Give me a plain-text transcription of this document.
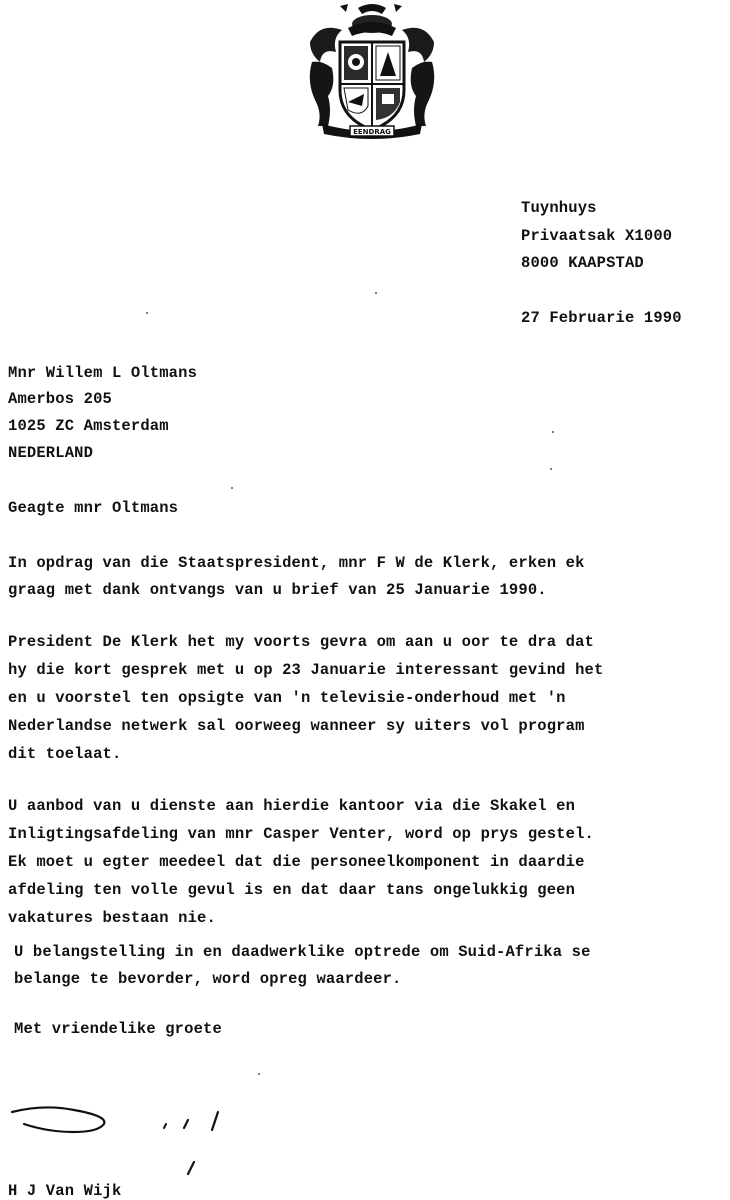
EENDRAG
Tuynhuys
Privaatsak X1000
8000 KAAPSTAD
27 Februarie 1990
Mnr Willem L Oltmans
Amerbos 205
1025 ZC Amsterdam
NEDERLAND
Geagte mnr Oltmans
In opdrag van die Staatspresident, mnr F W de Klerk, erken ek
graag met dank ontvangs van u brief van 25 Januarie 1990.
President De Klerk het my voorts gevra om aan u oor te dra dat
hy die kort gesprek met u op 23 Januarie interessant gevind het
en u voorstel ten opsigte van 'n televisie-onderhoud met 'n
Nederlandse netwerk sal oorweeg wanneer sy uiters vol program
dit toelaat.
U aanbod van u dienste aan hierdie kantoor via die Skakel en
Inligtingsafdeling van mnr Casper Venter, word op prys gestel.
Ek moet u egter meedeel dat die personeelkomponent in daardie
afdeling ten volle gevul is en dat daar tans ongelukkig geen
vakatures bestaan nie.
U belangstelling in en daadwerklike optrede om Suid-Afrika se
belange te bevorder, word opreg waardeer.
Met vriendelike groete
H J Van Wijk
